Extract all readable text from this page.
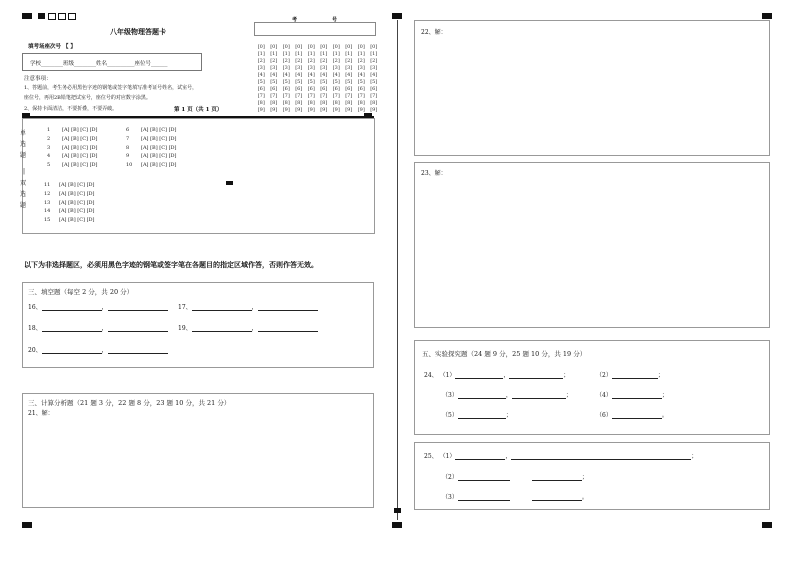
八年级物理答题卡
填考场座次号 【 】
学校________班级________姓名__________座位号______
注意事项：
1、答题前，考生务必用黑色字迹的钢笔或签字笔填写准考证号姓名，试室号，
座位号，再用2B铅笔把试室号，座位号的对应数字涂黑。
2、保持卡面清洁，不要折叠，不要弄破。	第 1 页（共 1 页）
考	号
[0]	[0]	[0]	[0]	[0]	[0]	[0]	[0]	[0]	[0]
[1]	[1]	[1]	[1]	[1]	[1]	[1]	[1]	[1]	[1]
[2]	[2]	[2]	[2]	[2]	[2]	[2]	[2]	[2]	[2]
[3]	[3]	[3]	[3]	[3]	[3]	[3]	[3]	[3]	[3]
[4]	[4]	[4]	[4]	[4]	[4]	[4]	[4]	[4]	[4]
[5]	[5]	[5]	[5]	[5]	[5]	[5]	[5]	[5]	[5]
[6]	[6]	[6]	[6]	[6]	[6]	[6]	[6]	[6]	[6]
[7]	[7]	[7]	[7]	[7]	[7]	[7]	[7]	[7]	[7]
[8]	[8]	[8]	[8]	[8]	[8]	[8]	[8]	[8]	[8]
[9]	[9]	[9]	[9]	[9]	[9]	[9]	[9]	[9]	[9]
单选题
|
双选题
1 [A] [B] [C] [D]	6 [A] [B] [C] [D]
11 [A] [B] [C] [D]
2 [A] [B] [C] [D]	7 [A] [B] [C] [D]
12 [A] [B] [C] [D]
3 [A] [B] [C] [D]	8 [A] [B] [C] [D]
13 [A] [B] [C] [D]
4 [A] [B] [C] [D]	9 [A] [B] [C] [D]
14 [A] [B] [C] [D]
5 [A] [B] [C] [D]	10 [A] [B] [C] [D]
15 [A] [B] [C] [D]
以下为非选择题区，必须用黑色字迹的钢笔或签字笔在各题目的指定区域作答，否则作答无效。
三、填空题（每空 2 分，共 20 分）
16、	，	17、	，
18、	，	19、	，
20、	，
三、计算分析题（21 题 3 分，22 题 8 分，23 题 10 分，共 21 分）
21、解：
22、解：
23、解：
五、实验探究题（24 题 9 分，25 题 10 分，共 19 分）
24、 （1）	，	；	（2）	；
（3）	，	；	（4）	；
（5）	；	（6）	。
25、 （1）	，	；
（2）	；
（3）	。
